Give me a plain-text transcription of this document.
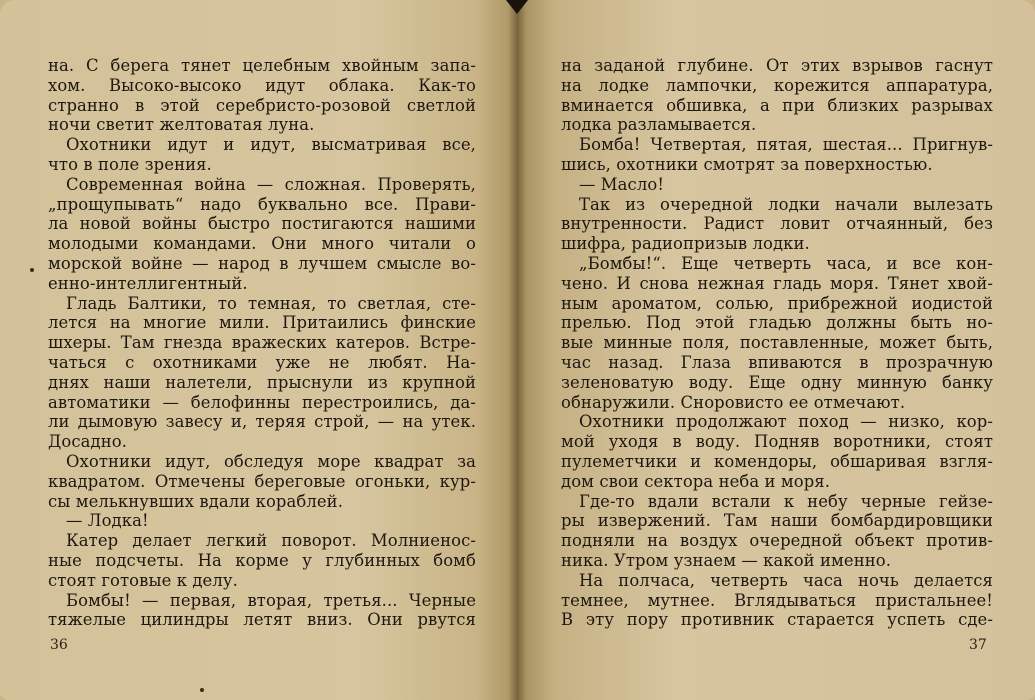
на. С берега тянет целебным хвойным запа-
хом. Высоко-высоко идут облака. Как-то
странно в этой серебристо-розовой светлой
ночи светит желтоватая луна.
Охотники идут и идут, высматривая все,
что в поле зрения.
Современная война — сложная. Проверять,
„прощупывать“ надо буквально все. Прави-
ла новой войны быстро постигаются нашими
молодыми командами. Они много читали о
морской войне — народ в лучшем смысле во-
енно-интеллигентный.
Гладь Балтики, то темная, то светлая, сте-
лется на многие мили. Притаились финские
шхеры. Там гнезда вражеских катеров. Встре-
чаться с охотниками уже не любят. На-
днях наши налетели, прыснули из крупной
автоматики — белофинны перестроились, да-
ли дымовую завесу и, теряя строй, — на утек.
Досадно.
Охотники идут, обследуя море квадрат за
квадратом. Отмечены береговые огоньки, кур-
сы мелькнувших вдали кораблей.
— Лодка!
Катер делает легкий поворот. Молниенос-
ные подсчеты. На корме у глубинных бомб
стоят готовые к делу.
Бомбы! — первая, вторая, третья... Черные
тяжелые цилиндры летят вниз. Они рвутся
36
на заданой глубине. От этих взрывов гаснут
на лодке лампочки, корежится аппаратура,
вминается обшивка, а при близких разрывах
лодка разламывается.
Бомба! Четвертая, пятая, шестая... Пригнув-
шись, охотники смотрят за поверхностью.
— Масло!
Так из очередной лодки начали вылезать
внутренности. Радист ловит отчаянный, без
шифра, радиопризыв лодки.
„Бомбы!“. Еще четверть часа, и все кон-
чено. И снова нежная гладь моря. Тянет хвой-
ным ароматом, солью, прибрежной иодистой
прелью. Под этой гладью должны быть но-
вые минные поля, поставленные, может быть,
час назад. Глаза впиваются в прозрачную
зеленоватую воду. Еще одну минную банку
обнаружили. Сноровисто ее отмечают.
Охотники продолжают поход — низко, кор-
мой уходя в воду. Подняв воротники, стоят
пулеметчики и комендоры, обшаривая взгля-
дом свои сектора неба и моря.
Где-то вдали встали к небу черные гейзе-
ры извержений. Там наши бомбардировщики
подняли на воздух очередной объект против-
ника. Утром узнаем — какой именно.
На полчаса, четверть часа ночь делается
темнее, мутнее. Вглядываться пристальнее!
В эту пору противник старается успеть сде-
37
